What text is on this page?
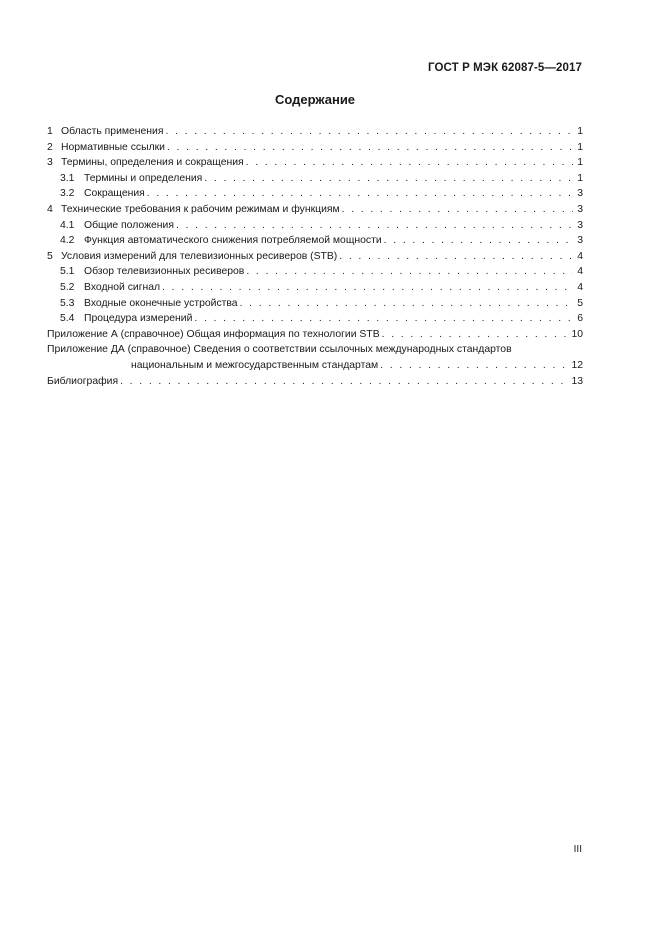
ГОСТ Р МЭК 62087-5—2017
Содержание
1 Область применения . . .	1
2 Нормативные ссылки . . .	1
3 Термины, определения и сокращения . . .	1
3.1 Термины и определения . . .	1
3.2 Сокращения . . .	3
4 Технические требования к рабочим режимам и функциям . . .	3
4.1 Общие положения . . .	3
4.2 Функция автоматического снижения потребляемой мощности . . .	3
5 Условия измерений для телевизионных ресиверов (STB) . . .	4
5.1 Обзор телевизионных ресиверов . . .	4
5.2 Входной сигнал . . .	4
5.3 Входные оконечные устройства . . .	5
5.4 Процедура измерений . . .	6
Приложение А (справочное) Общая информация по технологии STB . . .	10
Приложение ДА (справочное) Сведения о соответствии ссылочных международных стандартов
национальным и межгосударственным стандартам . . .	12
Библиография . . .	13
III
